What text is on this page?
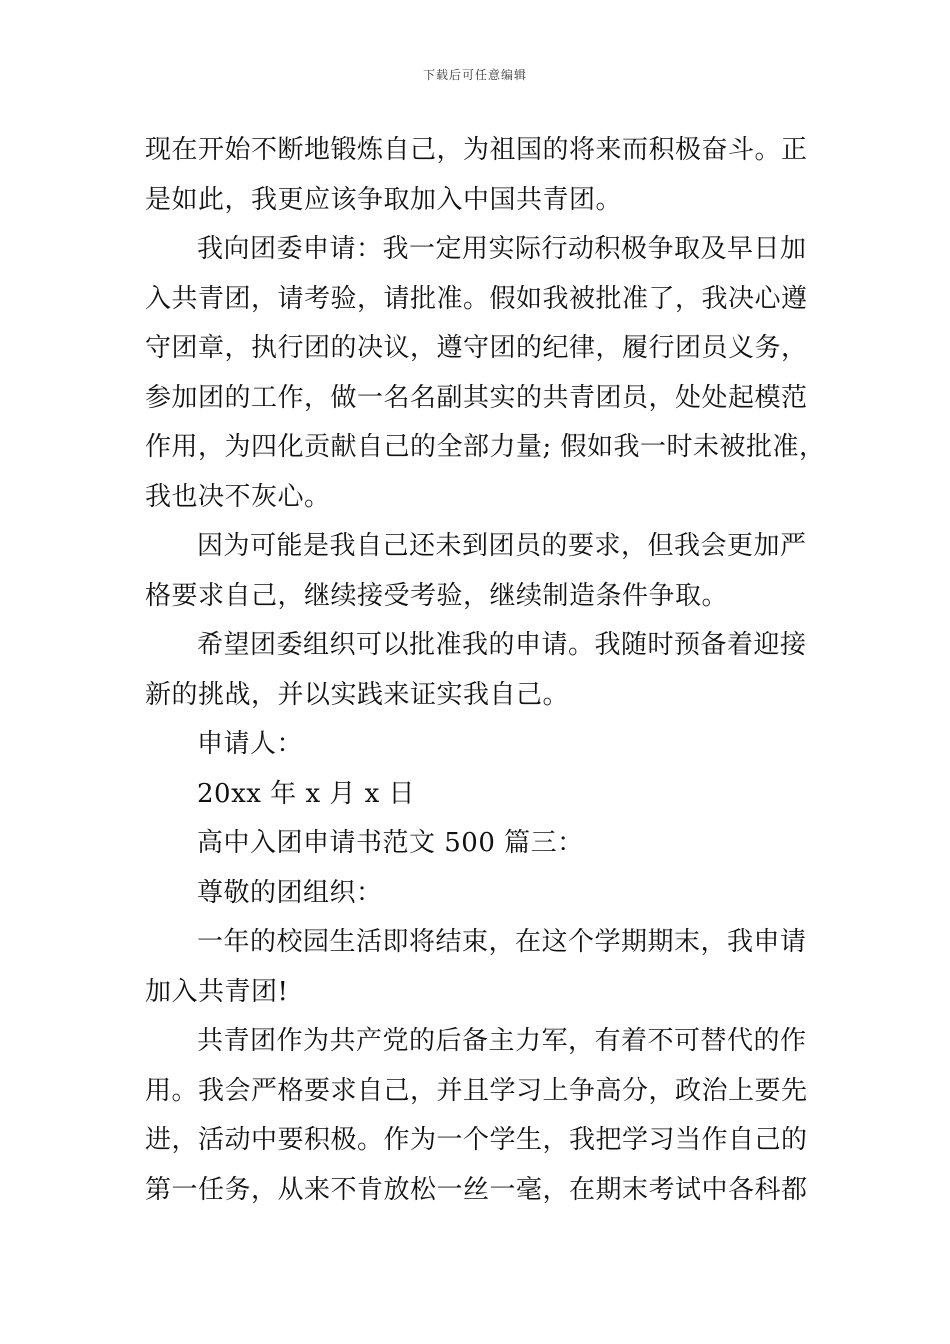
下载后可任意编辑
现在开始不断地锻炼自己，为祖国的将来而积极奋斗。正
是如此，我更应该争取加入中国共青团。
我向团委申请：我一定用实际行动积极争取及早日加
入共青团，请考验，请批准。假如我被批准了，我决心遵
守团章，执行团的决议，遵守团的纪律，履行团员义务，
参加团的工作，做一名名副其实的共青团员，处处起模范
作用，为四化贡献自己的全部力量; 假如我一时未被批准，
我也决不灰心。
因为可能是我自己还未到团员的要求，但我会更加严
格要求自己，继续接受考验，继续制造条件争取。
希望团委组织可以批准我的申请。我随时预备着迎接
新的挑战，并以实践来证实我自己。
申请人：
20xx 年 x 月 x 日
高中入团申请书范文 500 篇三：
尊敬的团组织：
一年的校园生活即将结束，在这个学期期末，我申请
加入共青团!
共青团作为共产党的后备主力军，有着不可替代的作
用。我会严格要求自己，并且学习上争高分，政治上要先
进，活动中要积极。作为一个学生，我把学习当作自己的
第一任务，从来不肯放松一丝一毫，在期末考试中各科都
